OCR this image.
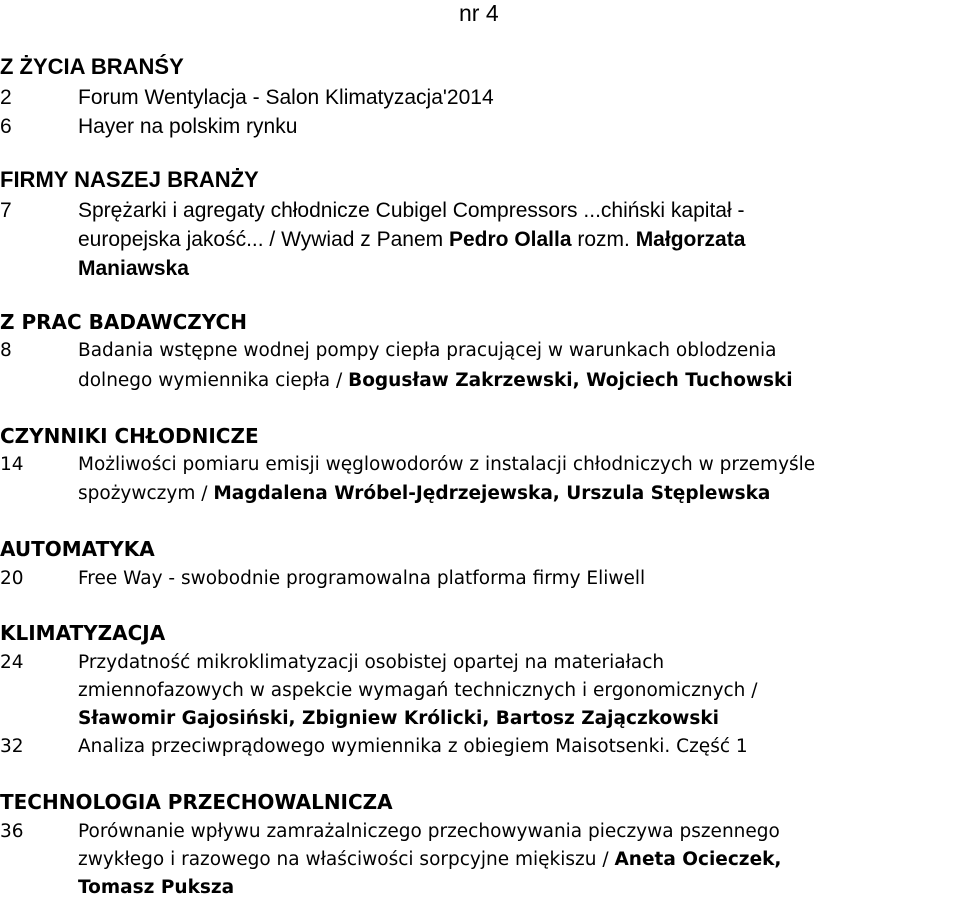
nr 4
Z ŻYCIA BRANŚY
2	Forum Wentylacja - Salon Klimatyzacja'2014
6	Hayer na polskim rynku
FIRMY NASZEJ BRANŻY
7	Sprężarki i agregaty chłodnicze Cubigel Compressors ...chiński kapitał -
europejska jakość... / Wywiad z Panem Pedro Olalla rozm. Małgorzata
Maniawska
Z PRAC BADAWCZYCH
8	Badania wstępne wodnej pompy ciepła pracującej w warunkach oblodzenia
dolnego wymiennika ciepła / Bogusław Zakrzewski, Wojciech Tuchowski
CZYNNIKI CHŁODNICZE
14	Możliwości pomiaru emisji węglowodorów z instalacji chłodniczych w przemyśle
spożywczym / Magdalena Wróbel-Jędrzejewska, Urszula Stęplewska
AUTOMATYKA
20	Free Way - swobodnie programowalna platforma firmy Eliwell
KLIMATYZACJA
24	Przydatność mikroklimatyzacji osobistej opartej na materiałach
zmiennofazowych w aspekcie wymagań technicznych i ergonomicznych /
Sławomir Gajosiński, Zbigniew Królicki, Bartosz Zajączkowski
32	Analiza przeciwprądowego wymiennika z obiegiem Maisotsenki. Część 1
TECHNOLOGIA PRZECHOWALNICZA
36	Porównanie wpływu zamrażalniczego przechowywania pieczywa pszennego
zwykłego i razowego na właściwości sorpcyjne miękiszu / Aneta Ocieczek,
Tomasz Puksza
